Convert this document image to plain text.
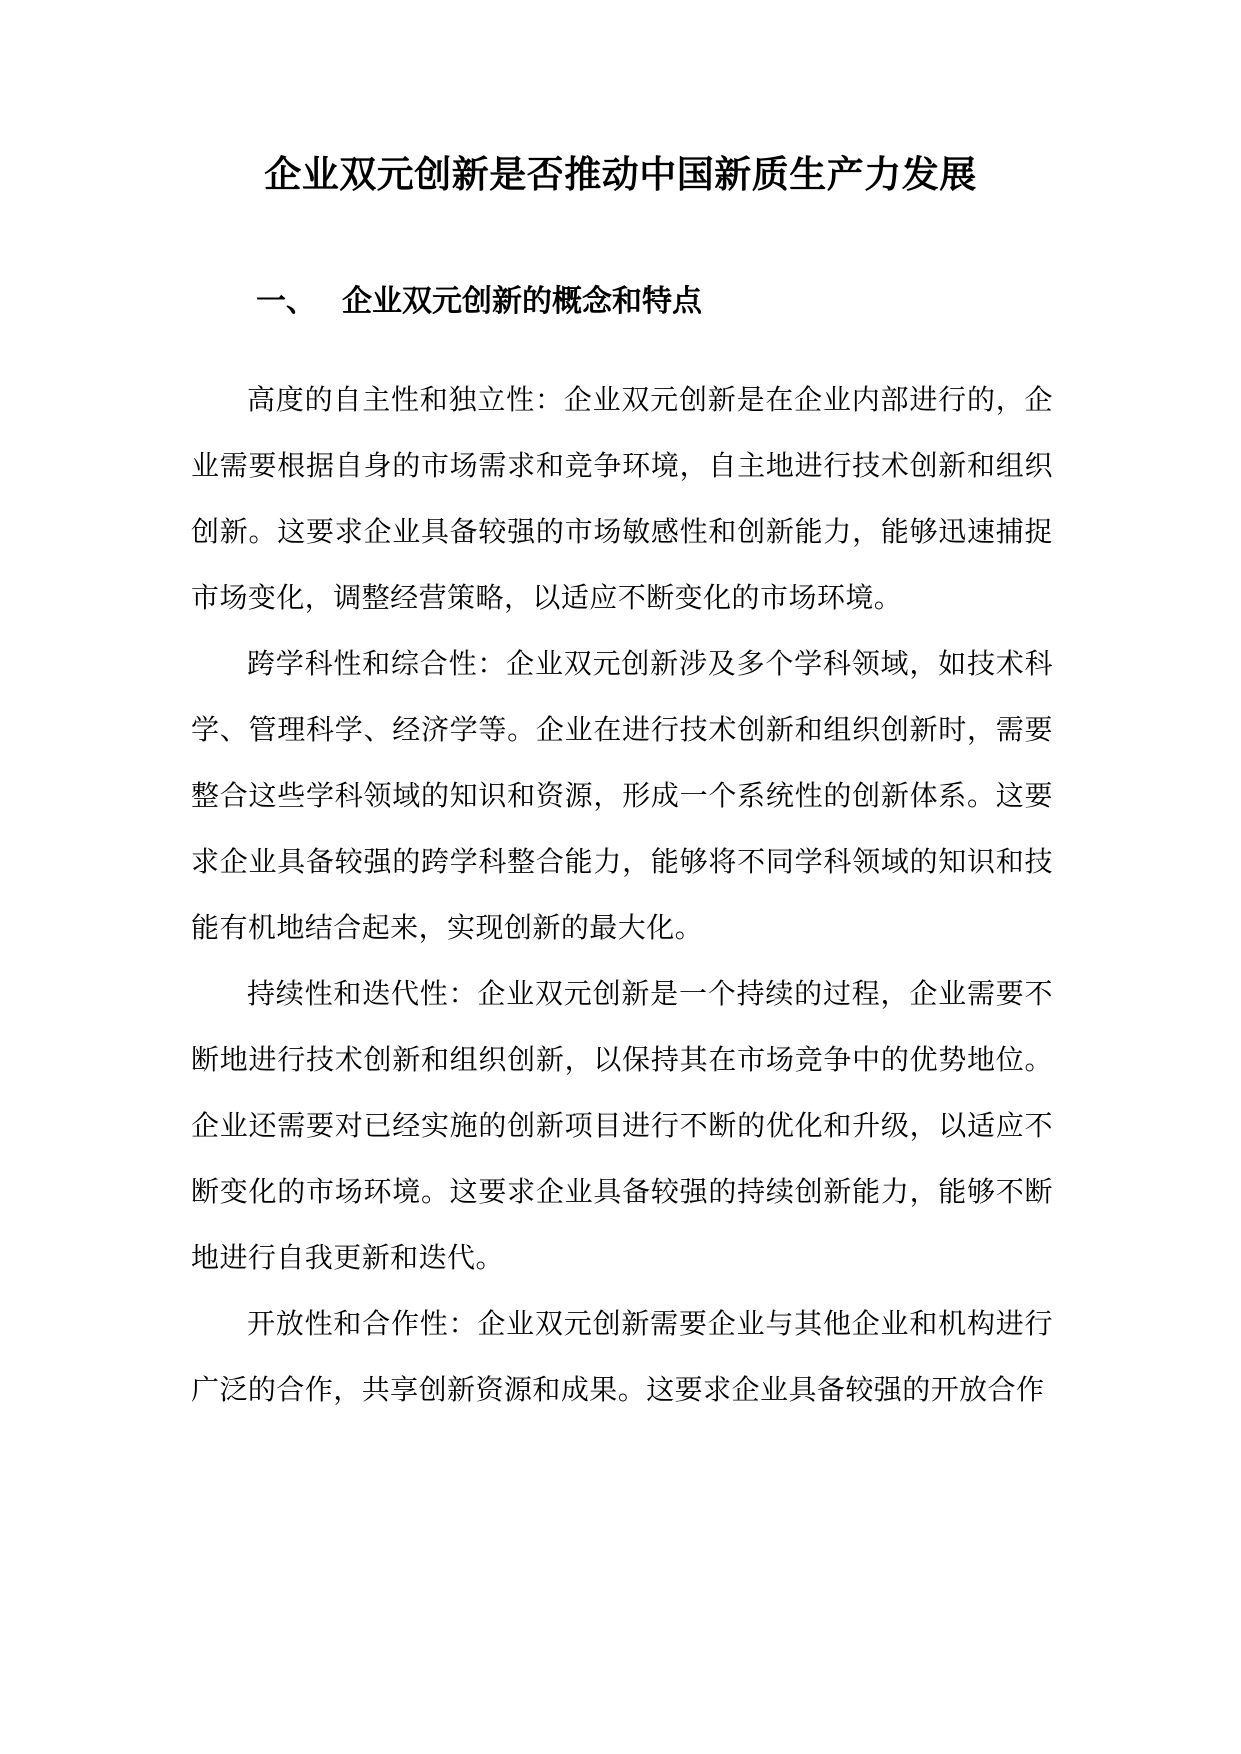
企业双元创新是否推动中国新质生产力发展
一、 企业双元创新的概念和特点

高度的自主性和独立性：企业双元创新是在企业内部进行的，企业需要根据自身的市场需求和竞争环境，自主地进行技术创新和组织创新。这要求企业具备较强的市场敏感性和创新能力，能够迅速捕捉市场变化，调整经营策略，以适应不断变化的市场环境。

跨学科性和综合性：企业双元创新涉及多个学科领域，如技术科学、管理科学、经济学等。企业在进行技术创新和组织创新时，需要整合这些学科领域的知识和资源，形成一个系统性的创新体系。这要求企业具备较强的跨学科整合能力，能够将不同学科领域的知识和技能有机地结合起来，实现创新的最大化。

持续性和迭代性：企业双元创新是一个持续的过程，企业需要不断地进行技术创新和组织创新，以保持其在市场竞争中的优势地位。企业还需要对已经实施的创新项目进行不断的优化和升级，以适应不断变化的市场环境。这要求企业具备较强的持续创新能力，能够不断地进行自我更新和迭代。

开放性和合作性：企业双元创新需要企业与其他企业和机构进行广泛的合作，共享创新资源和成果。这要求企业具备较强的开放合作
